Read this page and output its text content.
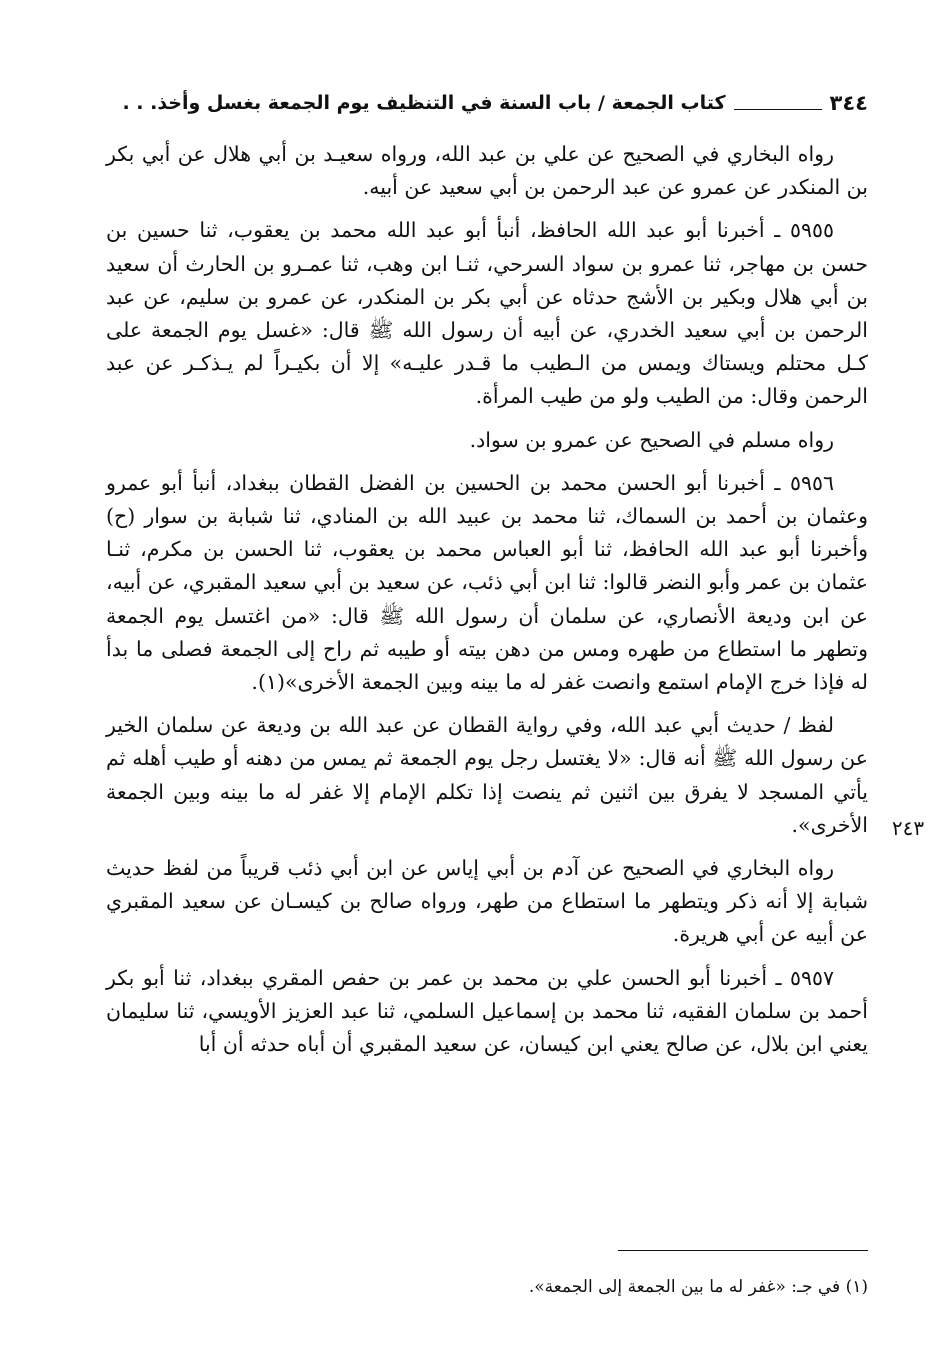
٣٤٤
كتاب الجمعة / باب السنة في التنظيف يوم الجمعة بغسل وأخذ. . .
٢٤٣

رواه البخاري في الصحيح عن علي بن عبد الله، ورواه سعيـد بن أبي هلال عن أبي بكر بن المنكدر عن عمرو عن عبد الرحمن بن أبي سعيد عن أبيه.

٥٩٥٥ ـ أخبرنا أبو عبد الله الحافظ، أنبأ أبو عبد الله محمد بن يعقوب، ثنا حسين بن حسن بن مهاجر، ثنا عمرو بن سواد السرحي، ثنـا ابن وهب، ثنا عمـرو بن الحارث أن سعيد بن أبي هلال وبكير بن الأشج حدثاه عن أبي بكر بن المنكدر، عن عمرو بن سليم، عن عبد الرحمن بن أبي سعيد الخدري، عن أبيه أن رسول الله ﷺ قال: «غسل يوم الجمعة على كـل محتلم ويستاك ويمس من الـطيب ما قـدر عليـه» إلا أن بكيـراً لم يـذكـر عن عبد الرحمن وقال: من الطيب ولو من طيب المرأة.

رواه مسلم في الصحيح عن عمرو بن سواد.

٥٩٥٦ ـ أخبرنا أبو الحسن محمد بن الحسين بن الفضل القطان ببغداد، أنبأ أبو عمرو وعثمان بن أحمد بن السماك، ثنا محمد بن عبيد الله بن المنادي، ثنا شبابة بن سوار (ح) وأخبرنا أبو عبد الله الحافظ، ثنا أبو العباس محمد بن يعقوب، ثنا الحسن بن مكرم، ثنـا عثمان بن عمر وأبو النضر قالوا: ثنا ابن أبي ذئب، عن سعيد بن أبي سعيد المقبري، عن أبيه، عن ابن وديعة الأنصاري، عن سلمان أن رسول الله ﷺ قال: «من اغتسل يوم الجمعة وتطهر ما استطاع من طهره ومس من دهن بيته أو طيبه ثم راح إلى الجمعة فصلى ما بدأ له فإذا خرج الإمام استمع وانصت غفر له ما بينه وبين الجمعة الأخرى»(١).

لفظ / حديث أبي عبد الله، وفي رواية القطان عن عبد الله بن وديعة عن سلمان الخير عن رسول الله ﷺ أنه قال: «لا يغتسل رجل يوم الجمعة ثم يمس من دهنه أو طيب أهله ثم يأتي المسجد لا يفرق بين اثنين ثم ينصت إذا تكلم الإمام إلا غفر له ما بينه وبين الجمعة الأخرى».

رواه البخاري في الصحيح عن آدم بن أبي إياس عن ابن أبي ذئب قريباً من لفظ حديث شبابة إلا أنه ذكر ويتطهر ما استطاع من طهر، ورواه صالح بن كيسـان عن سعيد المقبري عن أبيه عن أبي هريرة.

٥٩٥٧ ـ أخبرنا أبو الحسن علي بن محمد بن عمر بن حفص المقري ببغداد، ثنا أبو بكر أحمد بن سلمان الفقيه، ثنا محمد بن إسماعيل السلمي، ثنا عبد العزيز الأويسي، ثنا سليمان يعني ابن بلال، عن صالح يعني ابن كيسان، عن سعيد المقبري أن أباه حدثه أن أبا

(١) في جـ: «غفر له ما بين الجمعة إلى الجمعة».
